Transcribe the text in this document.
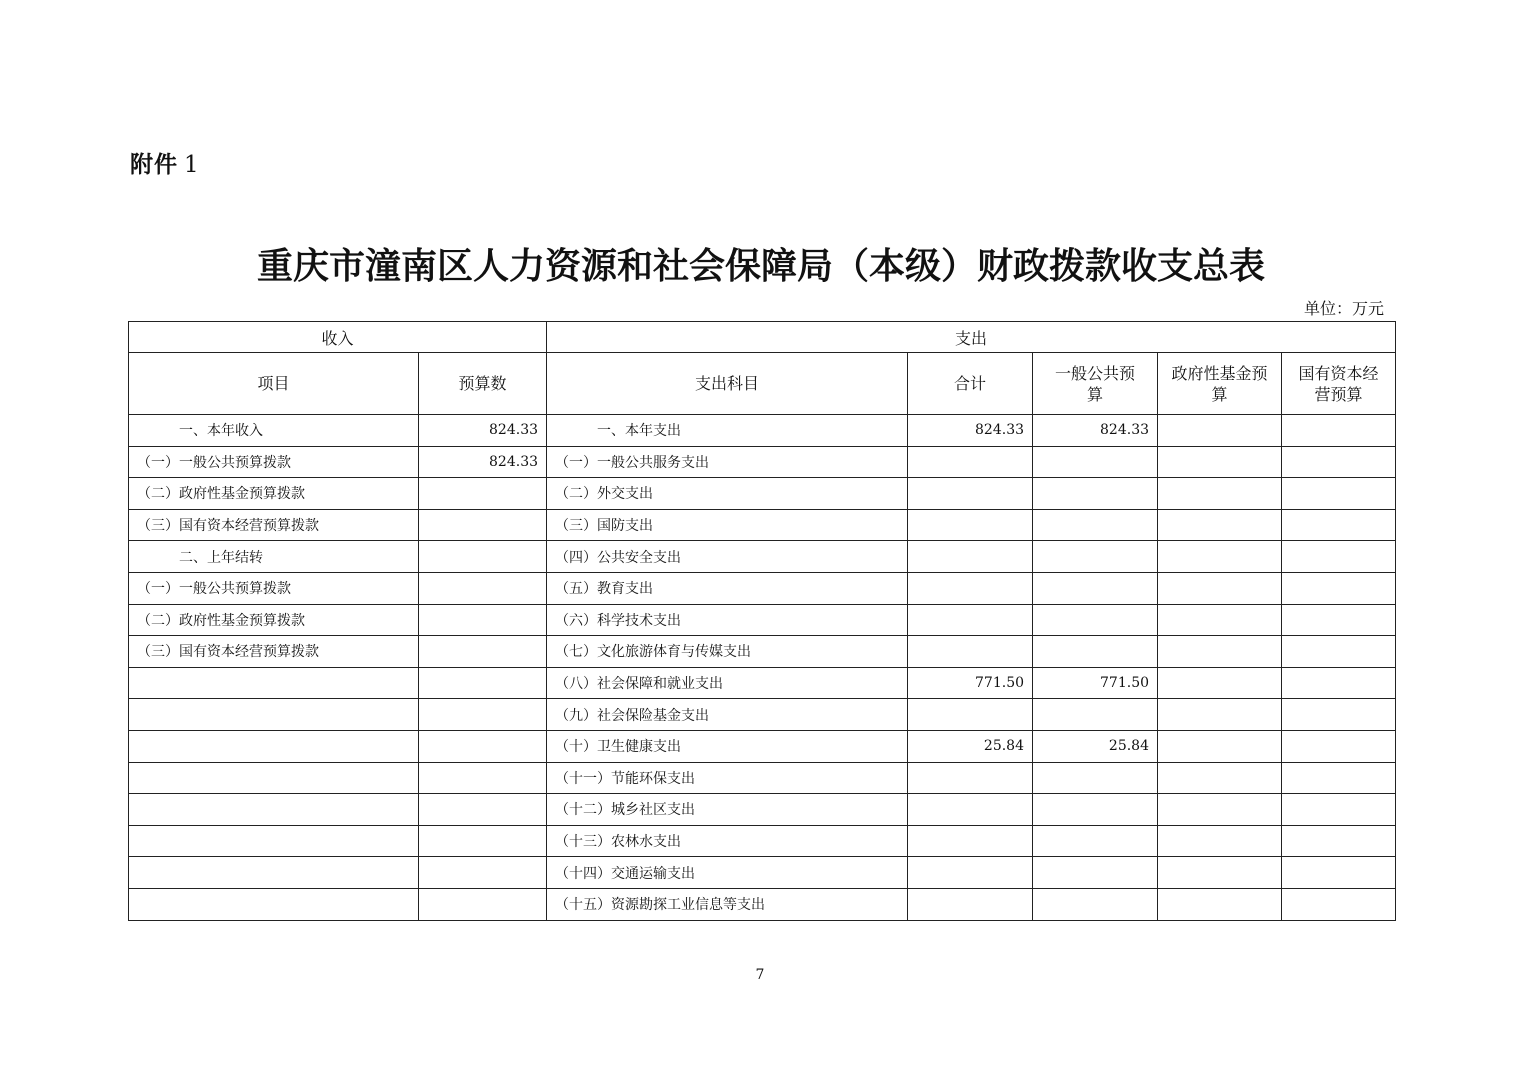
附件 1
重庆市潼南区人力资源和社会保障局（本级）财政拨款收支总表
单位：万元
收入		支出				
项目	预算数	支出科目	合计	一般公共预算	政府性基金预算	国有资本经营预算
一、本年收入	824.33	一、本年支出	824.33	824.33		
（一）一般公共预算拨款	824.33	（一）一般公共服务支出				
（二）政府性基金预算拨款		（二）外交支出				
（三）国有资本经营预算拨款		（三）国防支出				
二、上年结转		（四）公共安全支出				
（一）一般公共预算拨款		（五）教育支出				
（二）政府性基金预算拨款		（六）科学技术支出				
（三）国有资本经营预算拨款		（七）文化旅游体育与传媒支出				
		（八）社会保障和就业支出	771.50	771.50		
		（九）社会保险基金支出				
		（十）卫生健康支出	25.84	25.84		
		（十一）节能环保支出				
		（十二）城乡社区支出				
		（十三）农林水支出				
		（十四）交通运输支出				
		（十五）资源勘探工业信息等支出				
7
